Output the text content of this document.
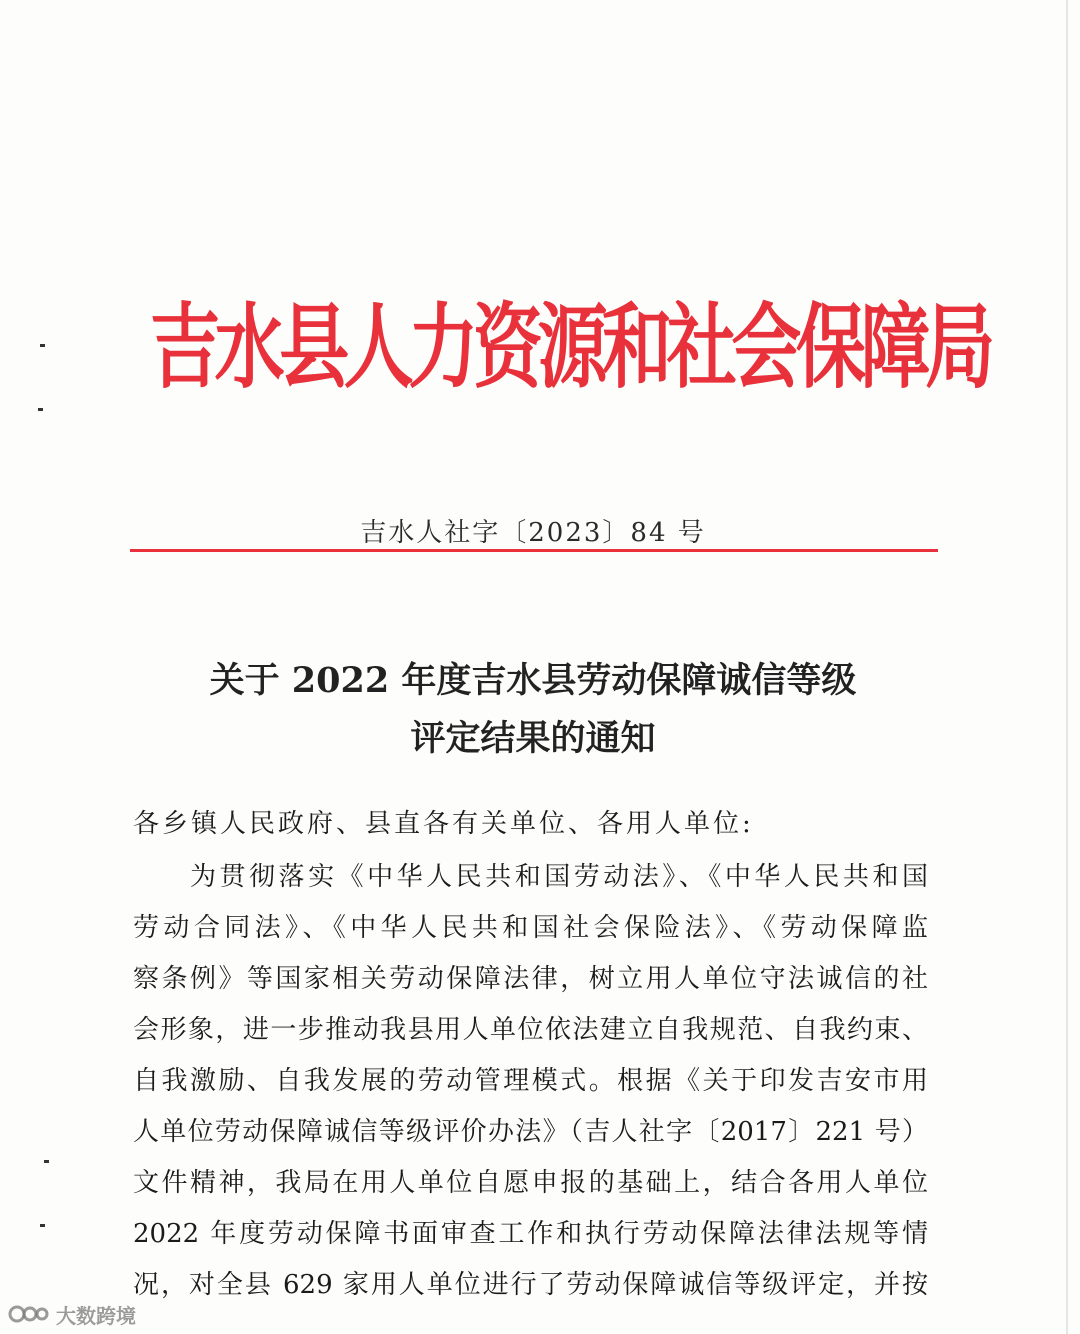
吉水县人力资源和社会保障局
吉水人社字〔2023〕84 号
关于 2022 年度吉水县劳动保障诚信等级
评定结果的通知
各乡镇人民政府、县直各有关单位、各用人单位:
为贯彻落实《中华人民共和国劳动法》、《中华人民共和国
劳动合同法》、《中华人民共和国社会保险法》、《劳动保障监
察条例》等国家相关劳动保障法律，树立用人单位守法诚信的社
会形象，进一步推动我县用人单位依法建立自我规范、自我约束、
自我激励、自我发展的劳动管理模式。根据《关于印发吉安市用
人单位劳动保障诚信等级评价办法》（吉人社字〔2017〕221 号）
文件精神，我局在用人单位自愿申报的基础上，结合各用人单位
2022 年度劳动保障书面审查工作和执行劳动保障法律法规等情
况，对全县 629 家用人单位进行了劳动保障诚信等级评定，并按
大数跨境
